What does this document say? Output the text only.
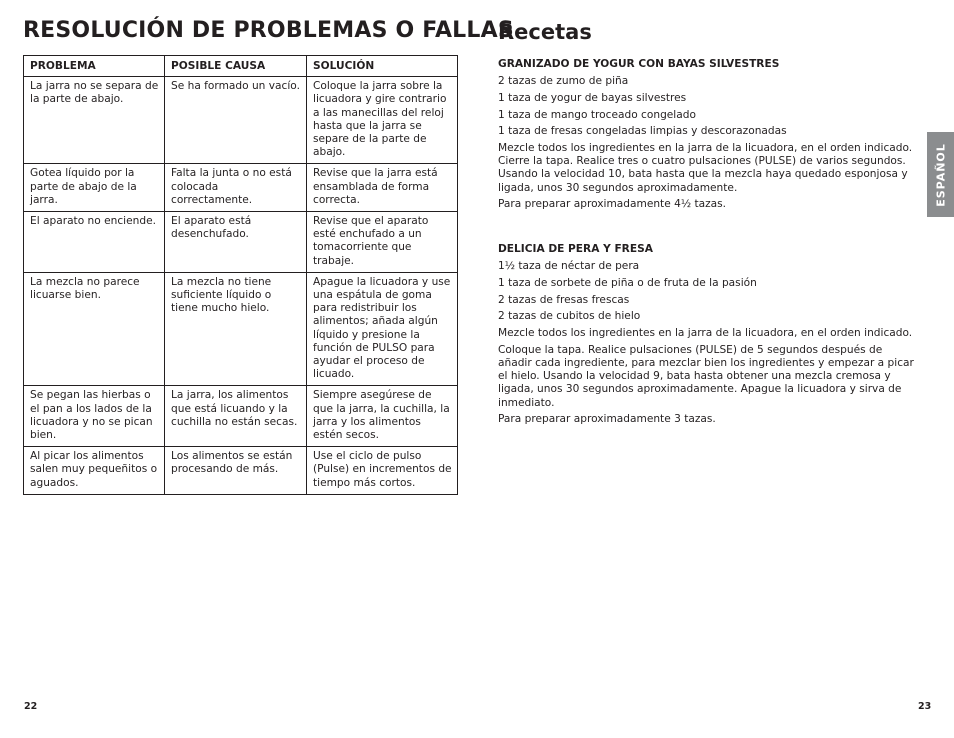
RESOLUCIÓN DE PROBLEMAS O FALLAS
PROBLEMA	POSIBLE CAUSA	SOLUCIÓN
La jarra no se separa de la parte de abajo.	Se ha formado un vacío.	Coloque la jarra sobre la licuadora y gire contrario a las manecillas del reloj hasta que la jarra se separe de la parte de abajo.
Gotea líquido por la parte de abajo de la jarra.	Falta la junta o no está colocada correctamente.	Revise que la jarra está ensamblada de forma correcta.
El aparato no enciende.	El aparato está desenchufado.	Revise que el aparato esté enchufado a un tomacorriente que trabaje.
La mezcla no parece licuarse bien.	La mezcla no tiene suficiente líquido o tiene mucho hielo.	Apague la licuadora y use una espátula de goma para redistribuir los alimentos; añada algún líquido y presione la función de PULSO para ayudar el proceso de licuado.
Se pegan las hierbas o el pan a los lados de la licuadora y no se pican bien.	La jarra, los alimentos que está licuando y la cuchilla no están secas.	Siempre asegúrese de que la jarra, la cuchilla, la jarra y los alimentos estén secos.
Al picar los alimentos salen muy pequeñitos o aguados.	Los alimentos se están procesando de más.	Use el ciclo de pulso (Pulse) en incrementos de tiempo más cortos.
22
Recetas
GRANIZADO DE YOGUR CON BAYAS SILVESTRES
2 tazas de zumo de piña
1 taza de yogur de bayas silvestres
1 taza de mango troceado congelado
1 taza de fresas congeladas limpias y descorazonadas
Mezcle todos los ingredientes en la jarra de la licuadora, en el orden indicado. Cierre la tapa. Realice tres o cuatro pulsaciones (PULSE) de varios segundos. Usando la velocidad 10, bata hasta que la mezcla haya quedado esponjosa y ligada, unos 30 segundos aproximadamente.
Para preparar aproximadamente 4½ tazas.
DELICIA DE PERA Y FRESA
1½ taza de néctar de pera
1 taza de sorbete de piña o de fruta de la pasión
2 tazas de fresas frescas
2 tazas de cubitos de hielo
Mezcle todos los ingredientes en la jarra de la licuadora, en el orden indicado.
Coloque la tapa. Realice pulsaciones (PULSE) de 5 segundos después de añadir cada ingrediente, para mezclar bien los ingredientes y empezar a picar el hielo. Usando la velocidad 9, bata hasta obtener una mezcla cremosa y ligada, unos 30 segundos aproximadamente. Apague la licuadora y sirva de inmediato.
Para preparar aproximadamente 3 tazas.
ESPAÑOL
23
